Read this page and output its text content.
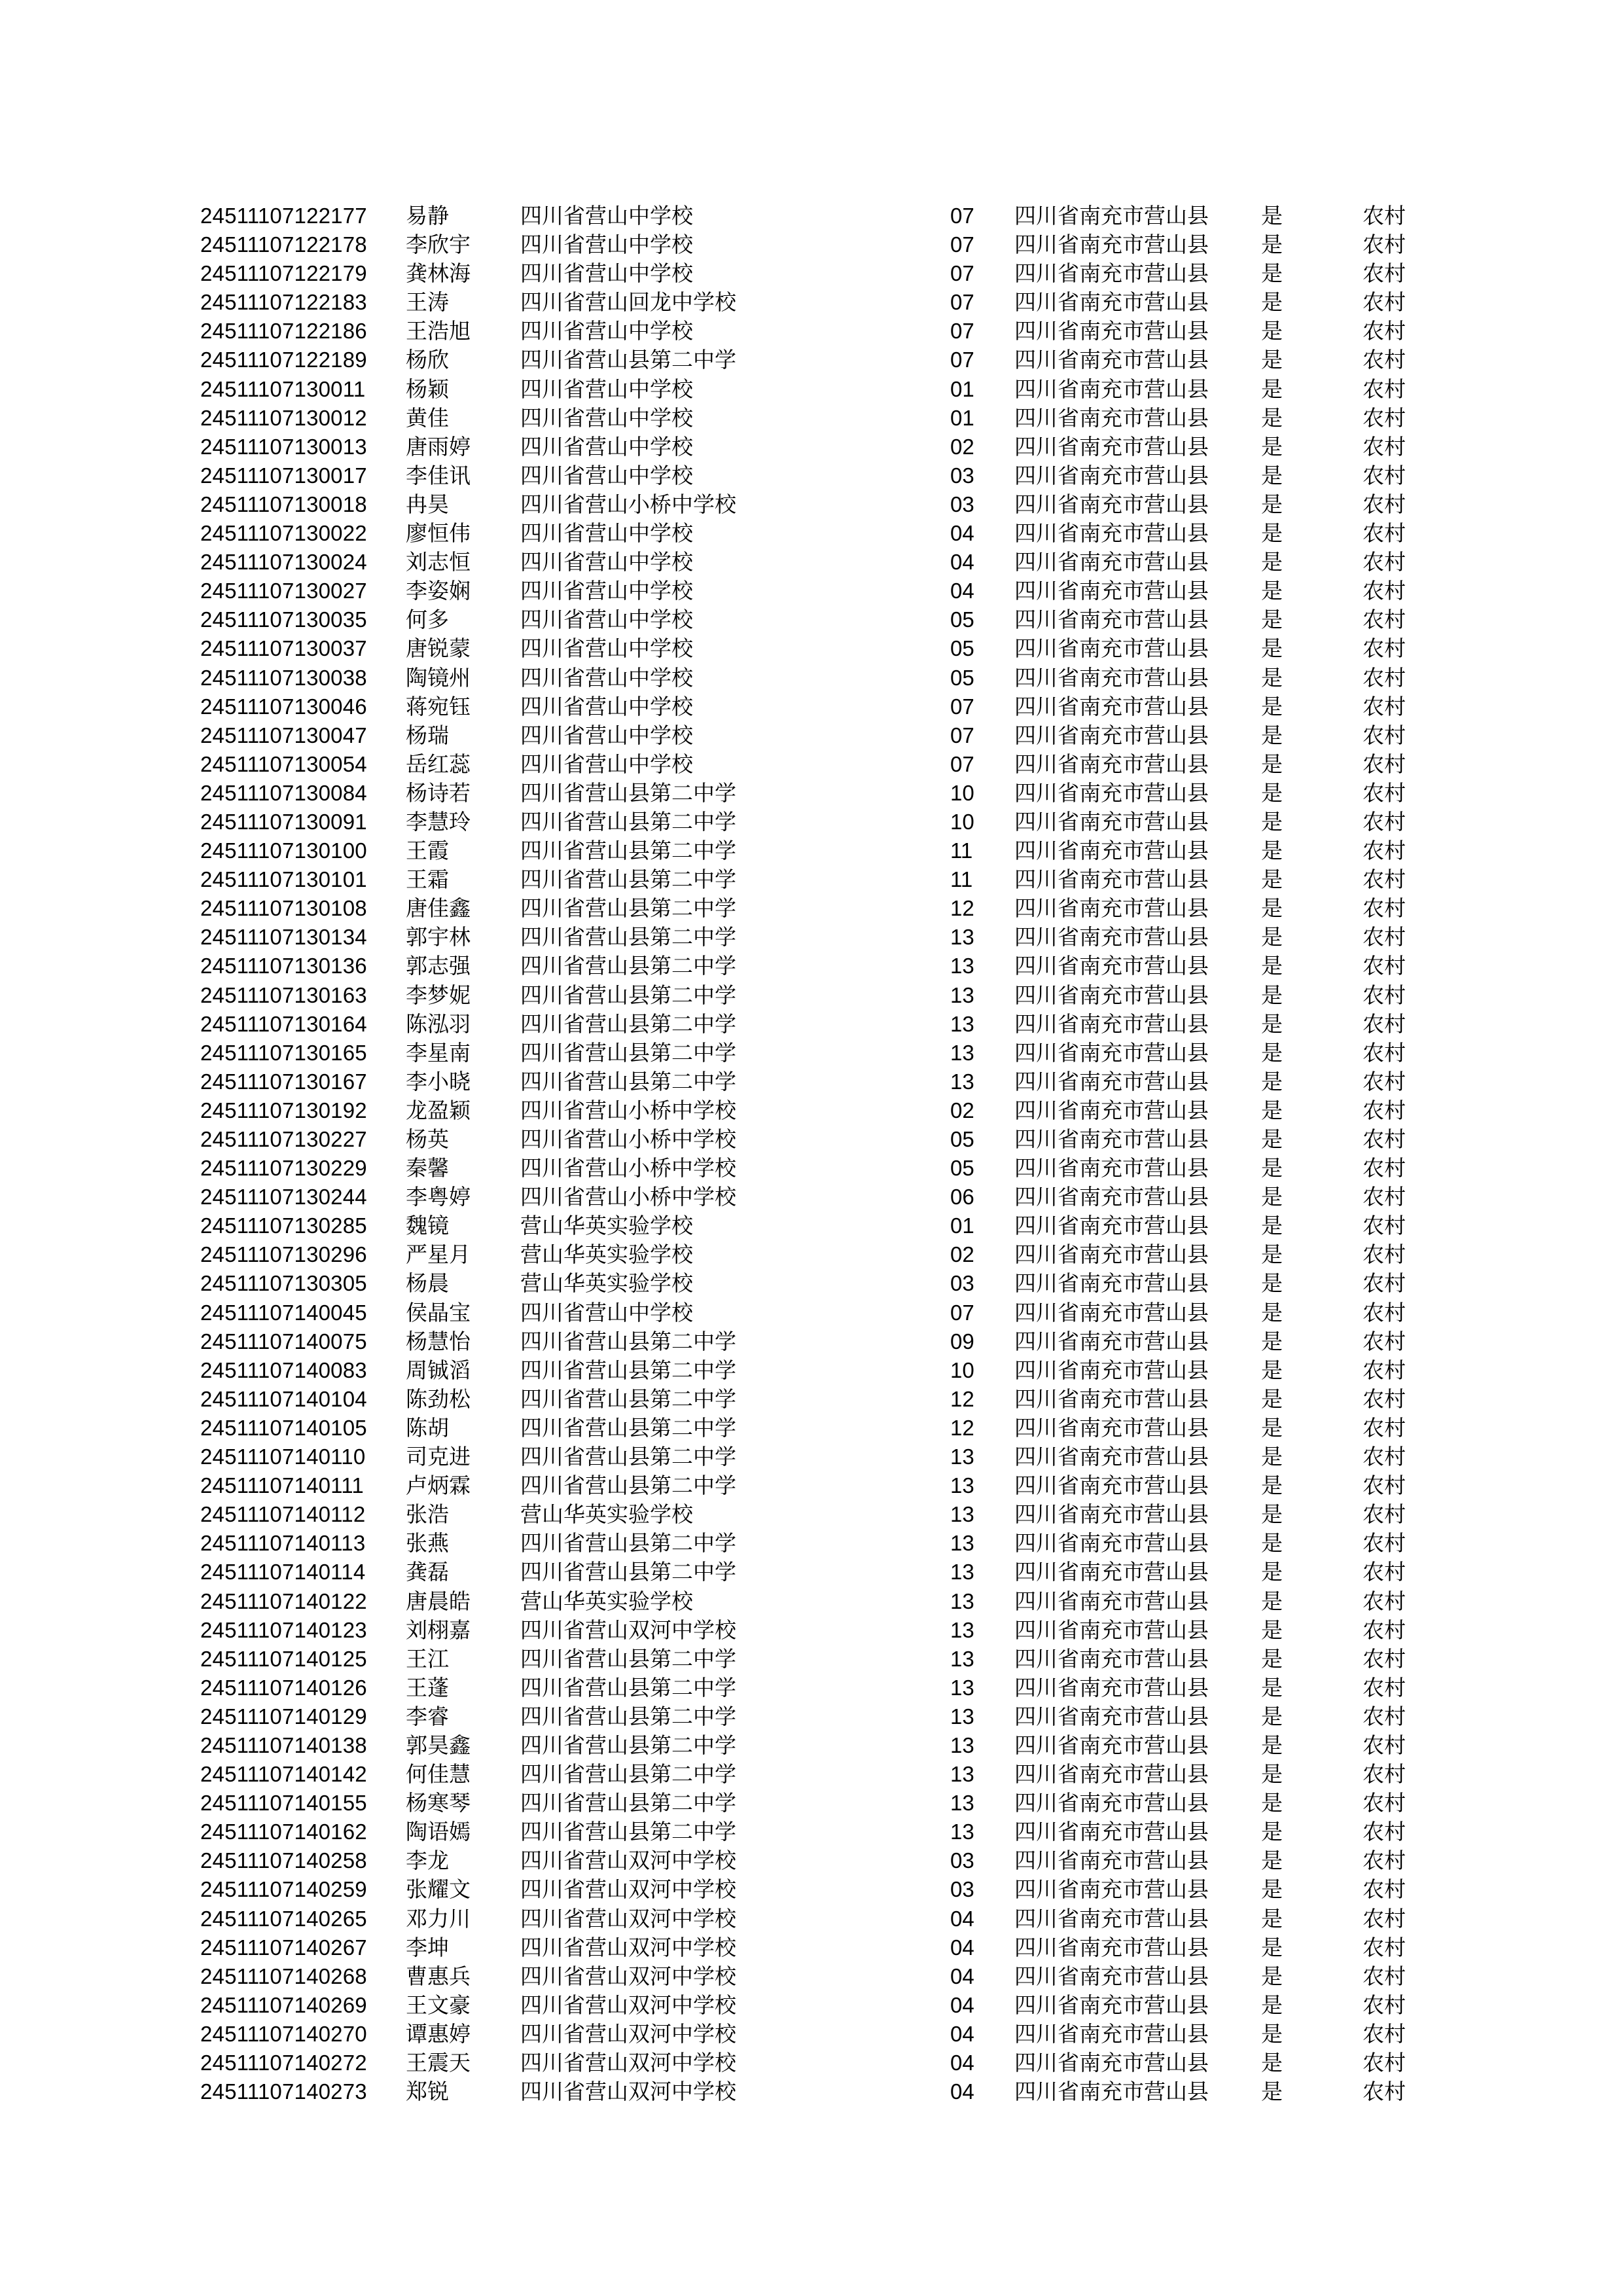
24511107122177 易静	四川省营山中学校	07 四川省南充市营山县 是	农村
24511107122178 李欣宇 四川省营山中学校	07 四川省南充市营山县 是	农村
24511107122179 龚林海 四川省营山中学校	07 四川省南充市营山县 是	农村
24511107122183 王涛	四川省营山回龙中学校	07 四川省南充市营山县 是	农村
24511107122186 王浩旭 四川省营山中学校	07 四川省南充市营山县 是	农村
24511107122189 杨欣	四川省营山县第二中学	07 四川省南充市营山县 是	农村
24511107130011 杨颖	四川省营山中学校	01 四川省南充市营山县 是	农村
24511107130012 黄佳	四川省营山中学校	01 四川省南充市营山县 是	农村
24511107130013 唐雨婷 四川省营山中学校	02 四川省南充市营山县 是	农村
24511107130017 李佳讯 四川省营山中学校	03 四川省南充市营山县 是	农村
24511107130018 冉昊	四川省营山小桥中学校	03 四川省南充市营山县 是	农村
24511107130022 廖恒伟 四川省营山中学校	04 四川省南充市营山县 是	农村
24511107130024 刘志恒 四川省营山中学校	04 四川省南充市营山县 是	农村
24511107130027 李姿娴 四川省营山中学校	04 四川省南充市营山县 是	农村
24511107130035 何多	四川省营山中学校	05 四川省南充市营山县 是	农村
24511107130037 唐锐蒙 四川省营山中学校	05 四川省南充市营山县 是	农村
24511107130038 陶镜州 四川省营山中学校	05 四川省南充市营山县 是	农村
24511107130046 蒋宛钰 四川省营山中学校	07 四川省南充市营山县 是	农村
24511107130047 杨瑞	四川省营山中学校	07 四川省南充市营山县 是	农村
24511107130054 岳红蕊 四川省营山中学校	07 四川省南充市营山县 是	农村
24511107130084 杨诗若 四川省营山县第二中学	10 四川省南充市营山县 是	农村
24511107130091 李慧玲 四川省营山县第二中学	10 四川省南充市营山县 是	农村
24511107130100 王霞	四川省营山县第二中学	11 四川省南充市营山县 是	农村
24511107130101 王霜	四川省营山县第二中学	11 四川省南充市营山县 是	农村
24511107130108 唐佳鑫 四川省营山县第二中学	12 四川省南充市营山县 是	农村
24511107130134 郭宇林 四川省营山县第二中学	13 四川省南充市营山县 是	农村
24511107130136 郭志强 四川省营山县第二中学	13 四川省南充市营山县 是	农村
24511107130163 李梦妮 四川省营山县第二中学	13 四川省南充市营山县 是	农村
24511107130164 陈泓羽 四川省营山县第二中学	13 四川省南充市营山县 是	农村
24511107130165 李星南 四川省营山县第二中学	13 四川省南充市营山县 是	农村
24511107130167 李小晓 四川省营山县第二中学	13 四川省南充市营山县 是	农村
24511107130192 龙盈颖 四川省营山小桥中学校	02 四川省南充市营山县 是	农村
24511107130227 杨英	四川省营山小桥中学校	05 四川省南充市营山县 是	农村
24511107130229 秦馨	四川省营山小桥中学校	05 四川省南充市营山县 是	农村
24511107130244 李粤婷 四川省营山小桥中学校	06 四川省南充市营山县 是	农村
24511107130285 魏镜	营山华英实验学校	01 四川省南充市营山县 是	农村
24511107130296 严星月 营山华英实验学校	02 四川省南充市营山县 是	农村
24511107130305 杨晨	营山华英实验学校	03 四川省南充市营山县 是	农村
24511107140045 侯晶宝 四川省营山中学校	07 四川省南充市营山县 是	农村
24511107140075 杨慧怡 四川省营山县第二中学	09 四川省南充市营山县 是	农村
24511107140083 周铖滔 四川省营山县第二中学	10 四川省南充市营山县 是	农村
24511107140104 陈劲松 四川省营山县第二中学	12 四川省南充市营山县 是	农村
24511107140105 陈胡	四川省营山县第二中学	12 四川省南充市营山县 是	农村
24511107140110 司克进 四川省营山县第二中学	13 四川省南充市营山县 是	农村
24511107140111 卢炳霖 四川省营山县第二中学	13 四川省南充市营山县 是	农村
24511107140112 张浩	营山华英实验学校	13 四川省南充市营山县 是	农村
24511107140113 张燕	四川省营山县第二中学	13 四川省南充市营山县 是	农村
24511107140114 龚磊	四川省营山县第二中学	13 四川省南充市营山县 是	农村
24511107140122 唐晨皓 营山华英实验学校	13 四川省南充市营山县 是	农村
24511107140123 刘栩嘉 四川省营山双河中学校	13 四川省南充市营山县 是	农村
24511107140125 王江	四川省营山县第二中学	13 四川省南充市营山县 是	农村
24511107140126 王蓬	四川省营山县第二中学	13 四川省南充市营山县 是	农村
24511107140129 李睿	四川省营山县第二中学	13 四川省南充市营山县 是	农村
24511107140138 郭昊鑫 四川省营山县第二中学	13 四川省南充市营山县 是	农村
24511107140142 何佳慧 四川省营山县第二中学	13 四川省南充市营山县 是	农村
24511107140155 杨寒琴 四川省营山县第二中学	13 四川省南充市营山县 是	农村
24511107140162 陶语嫣 四川省营山县第二中学	13 四川省南充市营山县 是	农村
24511107140258 李龙	四川省营山双河中学校	03 四川省南充市营山县 是	农村
24511107140259 张耀文 四川省营山双河中学校	03 四川省南充市营山县 是	农村
24511107140265 邓力川 四川省营山双河中学校	04 四川省南充市营山县 是	农村
24511107140267 李坤	四川省营山双河中学校	04 四川省南充市营山县 是	农村
24511107140268 曹惠兵 四川省营山双河中学校	04 四川省南充市营山县 是	农村
24511107140269 王文豪 四川省营山双河中学校	04 四川省南充市营山县 是	农村
24511107140270 谭惠婷 四川省营山双河中学校	04 四川省南充市营山县 是	农村
24511107140272 王震天 四川省营山双河中学校	04 四川省南充市营山县 是	农村
24511107140273 郑锐	四川省营山双河中学校	04 四川省南充市营山县 是	农村
